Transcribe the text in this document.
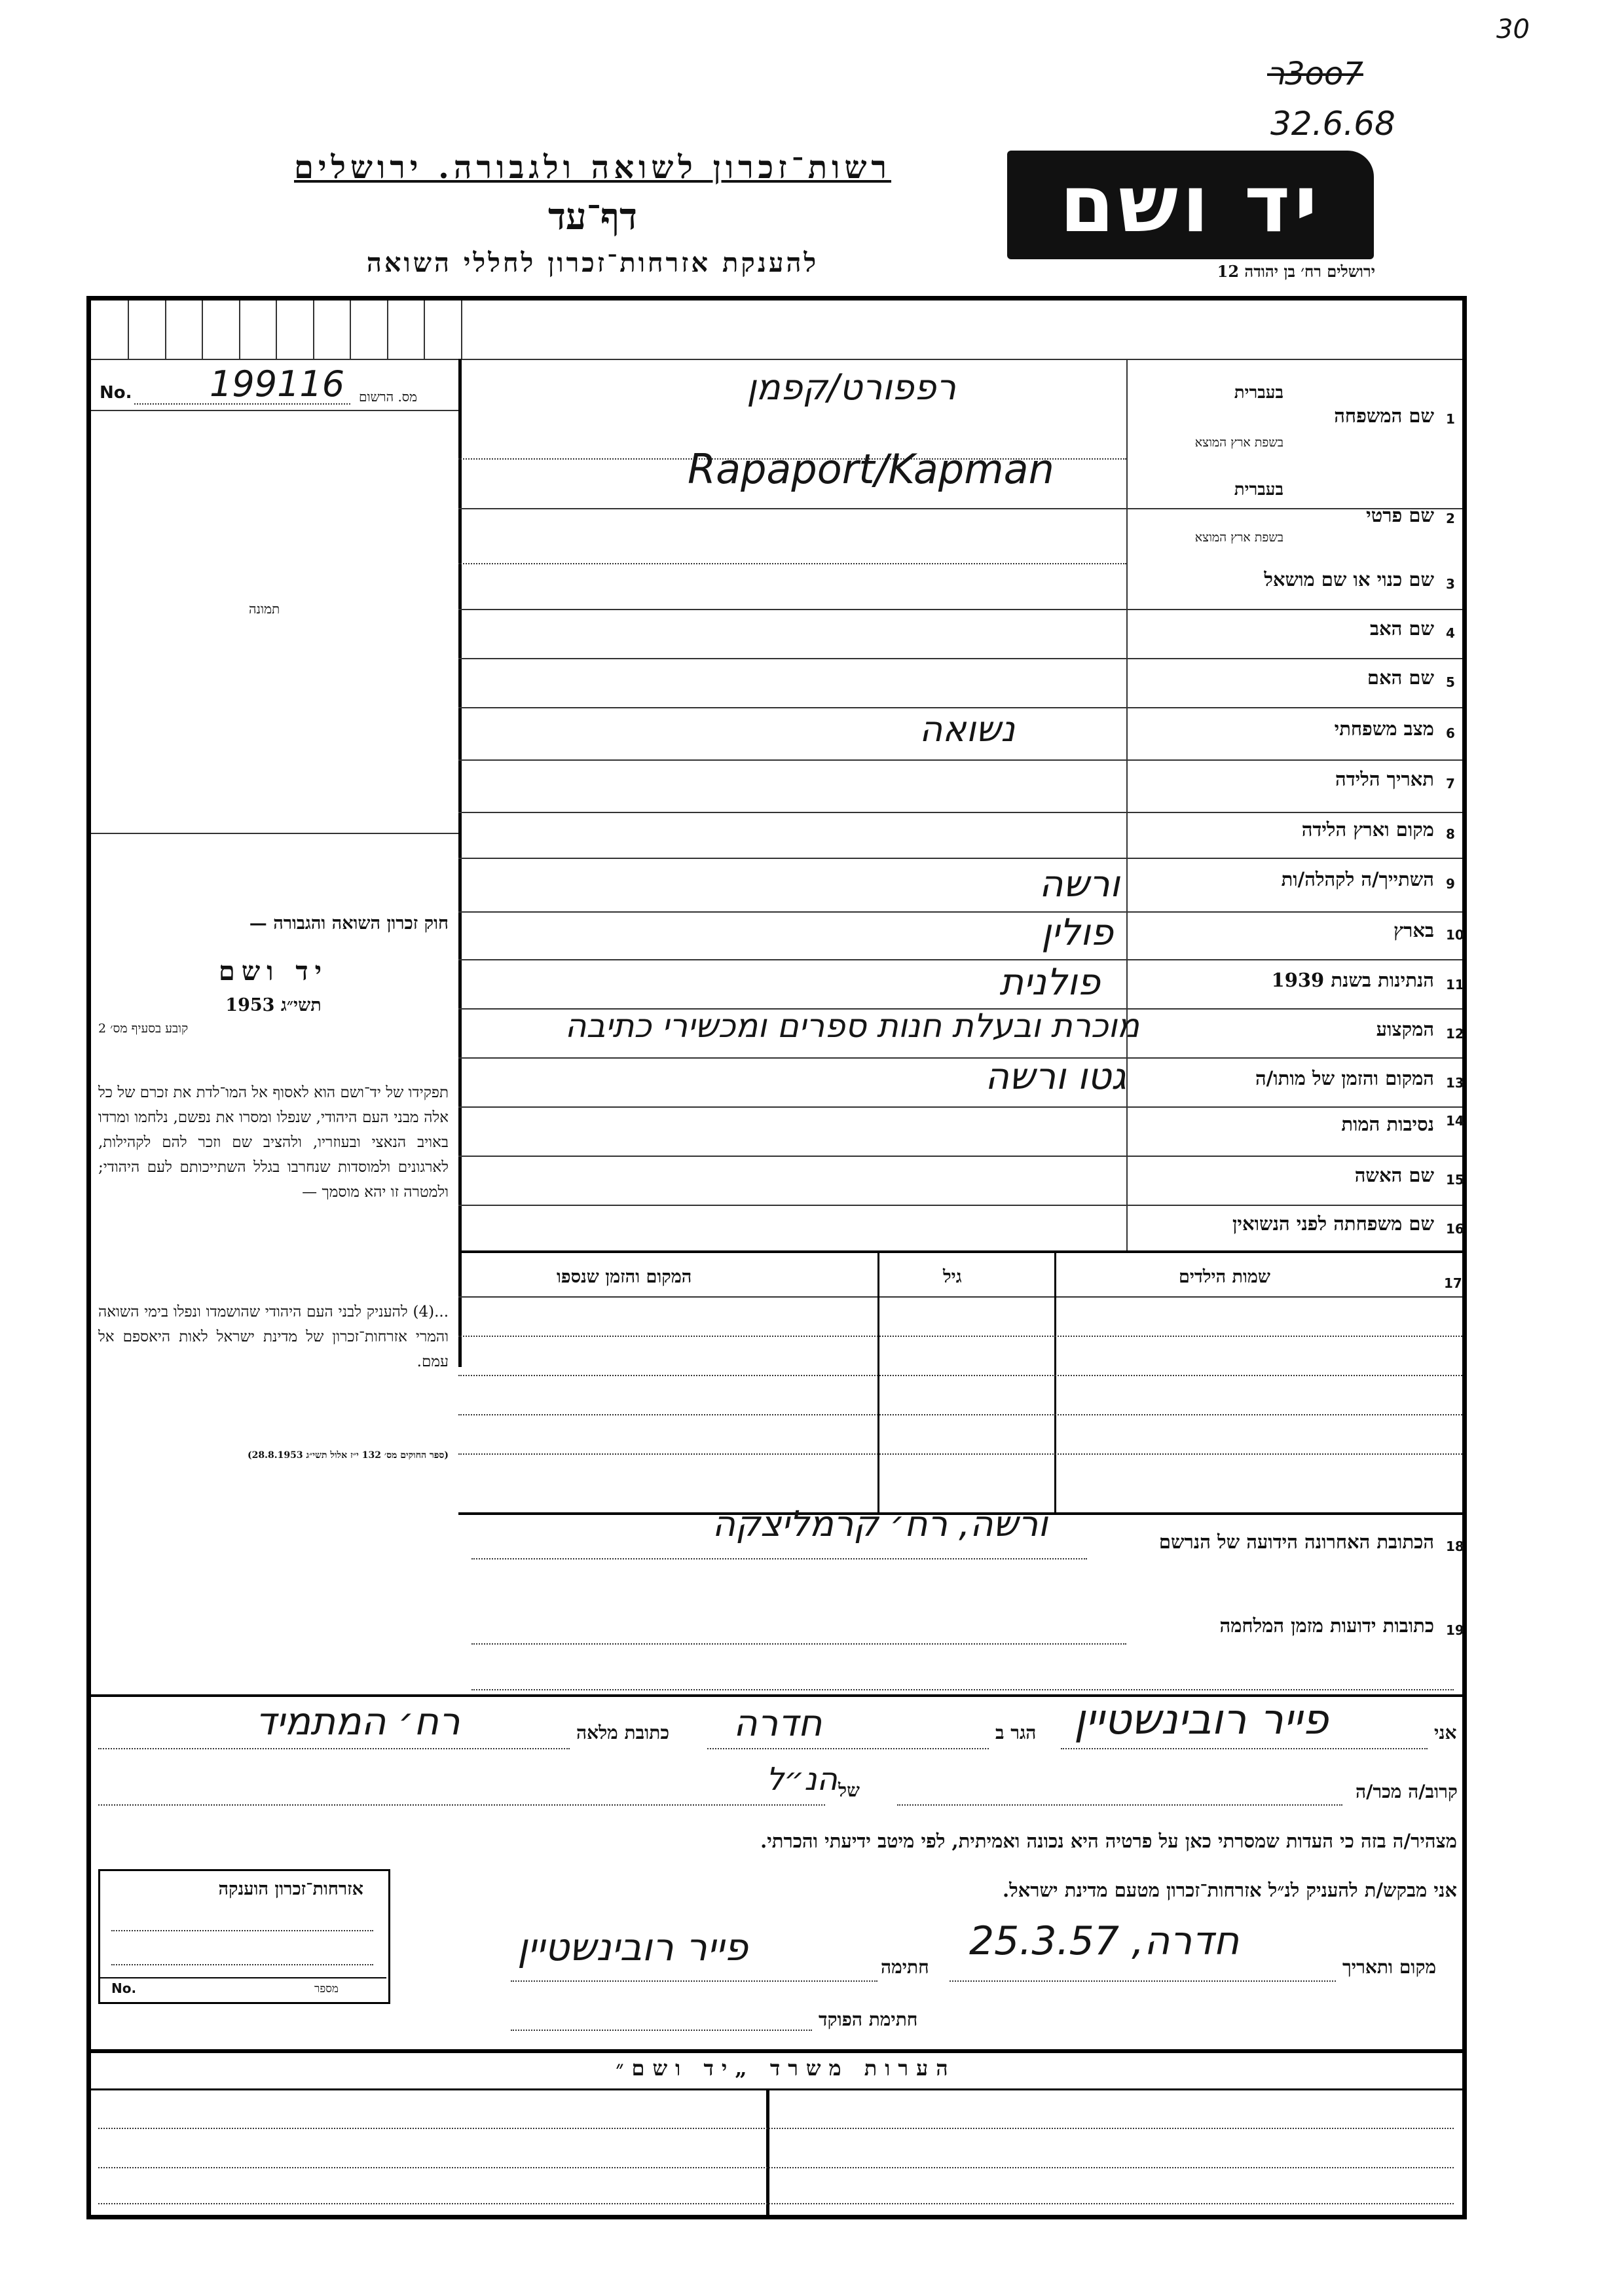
30
3oo7ר
32.6.68
רשות־זכרון לשואה ולגבורה. ירושלים
דף־עד
להענקת אזרחות־זכרון לחללי השואה
יד ושם
ירושלים רח׳ בן יהודה 12
No. 199116 מס. הרשום
תמונה
חוק זכרון השואה והגבורה —
יד ושם
תשי״ג 1953
קובע בסעיף מס׳ 2
תפקידו של יד־ושם הוא לאסוף אל המו־לדת את זכרם של כל אלה מבני העם היהודי, שנפלו ומסרו את נפשם, נלחמו ומרדו באויב הנאצי ובעוזריו, ולהציב שם וזכר להם לקהילות, לארגונים ולמוסדות שנחרבו בגלל השתייכותם לעם היהודי; ולמטרה זו יהא מוסמך —
...(4) להעניק לבני העם היהודי שהושמדו ונפלו בימי השואה והמרי אזרחות־זכרון של מדינת ישראל לאות היאספם אל עמם.
(ספר החוקים מס׳ 132 י״ז אלול תשי״ג 28.8.1953)
1
שם המשפחה
בעברית
בשפת ארץ המוצא
רפפורט/קפמן
Rapaport/Kapman
2
שם פרטי
בעברית
בשפת ארץ המוצא
3
שם כנוי או שם מושאל
4
שם האב
5
שם האם
6
מצב משפחתי
נשואה
7
תאריך הלידה
8
מקום וארץ הלידה
9
השתייך/ה לקהלה/ות
ורשה
10
בארץ
פולין
11
הנתינות בשנת 1939
פולנית
12
המקצוע
מוכרת ובעלת חנות ספרים ומכשירי כתיבה
13
המקום והזמן של מותו/ה
גטו ורשה
14
נסיבות המות
15
שם האשה
16
שם משפחתה לפני הנשואין
17
שמות הילדים
גיל
המקום והזמן שנספו
18
הכתובת האחרונה הידועה של הנרשם
ורשה, רח׳ קרמליצקה
19
כתובות ידועות מזמן המלחמה
אני
פייר רובינשטיין
הגר ב
חדרה
כתובת מלאה
רח׳ המתמיד
קרוב/ה מכר/ה
של
הנ״ל
מצהיר/ה בזה כי העדות שמסרתי כאן על פרטיה היא נכונה ואמיתית, לפי מיטב ידיעתי והכרתי.
אני מבקש/ת להעניק לנ״ל אזרחות־זכרון מטעם מדינת ישראל.
מקום ותאריך
חדרה, 25.3.57
חתימה
פייר רובינשטיין
חתימת הפוקד
אזרחות־זכרון הוענקה
No.	מספר
הערות משרד „יד ושם״
